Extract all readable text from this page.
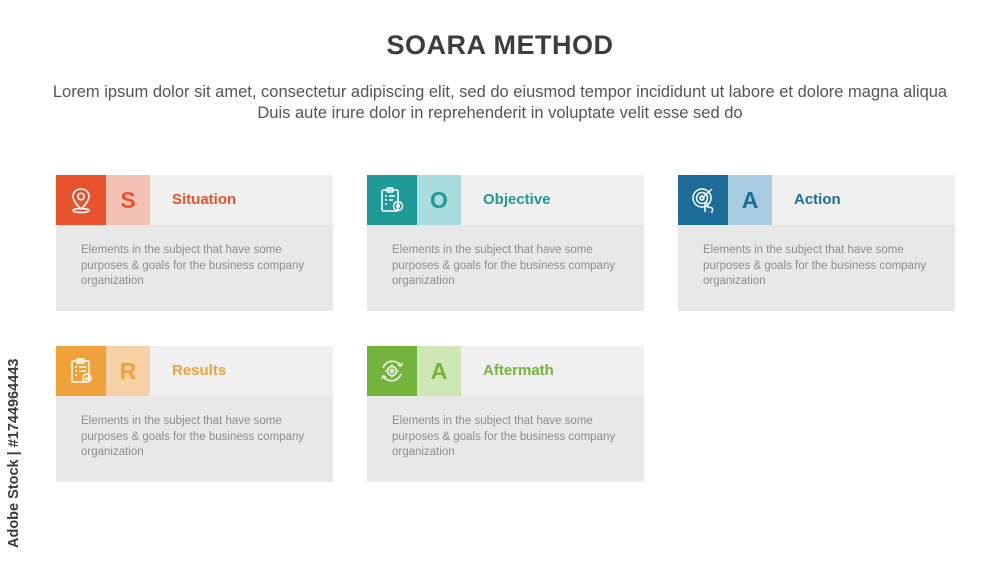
SOARA METHOD
Lorem ipsum dolor sit amet, consectetur adipiscing elit, sed do eiusmod tempor incididunt ut labore et dolore magna aliqua Duis aute irure dolor in reprehenderit in voluptate velit esse sed do
S	Situation
Elements in the subject that have some purposes & goals for the business company organization
O	Objective
Elements in the subject that have some purposes & goals for the business company organization
A	Action
Elements in the subject that have some purposes & goals for the business company organization
R	Results
Elements in the subject that have some purposes & goals for the business company organization
A	Aftermath
Elements in the subject that have some purposes & goals for the business company organization
Adobe Stock | #1744964443
